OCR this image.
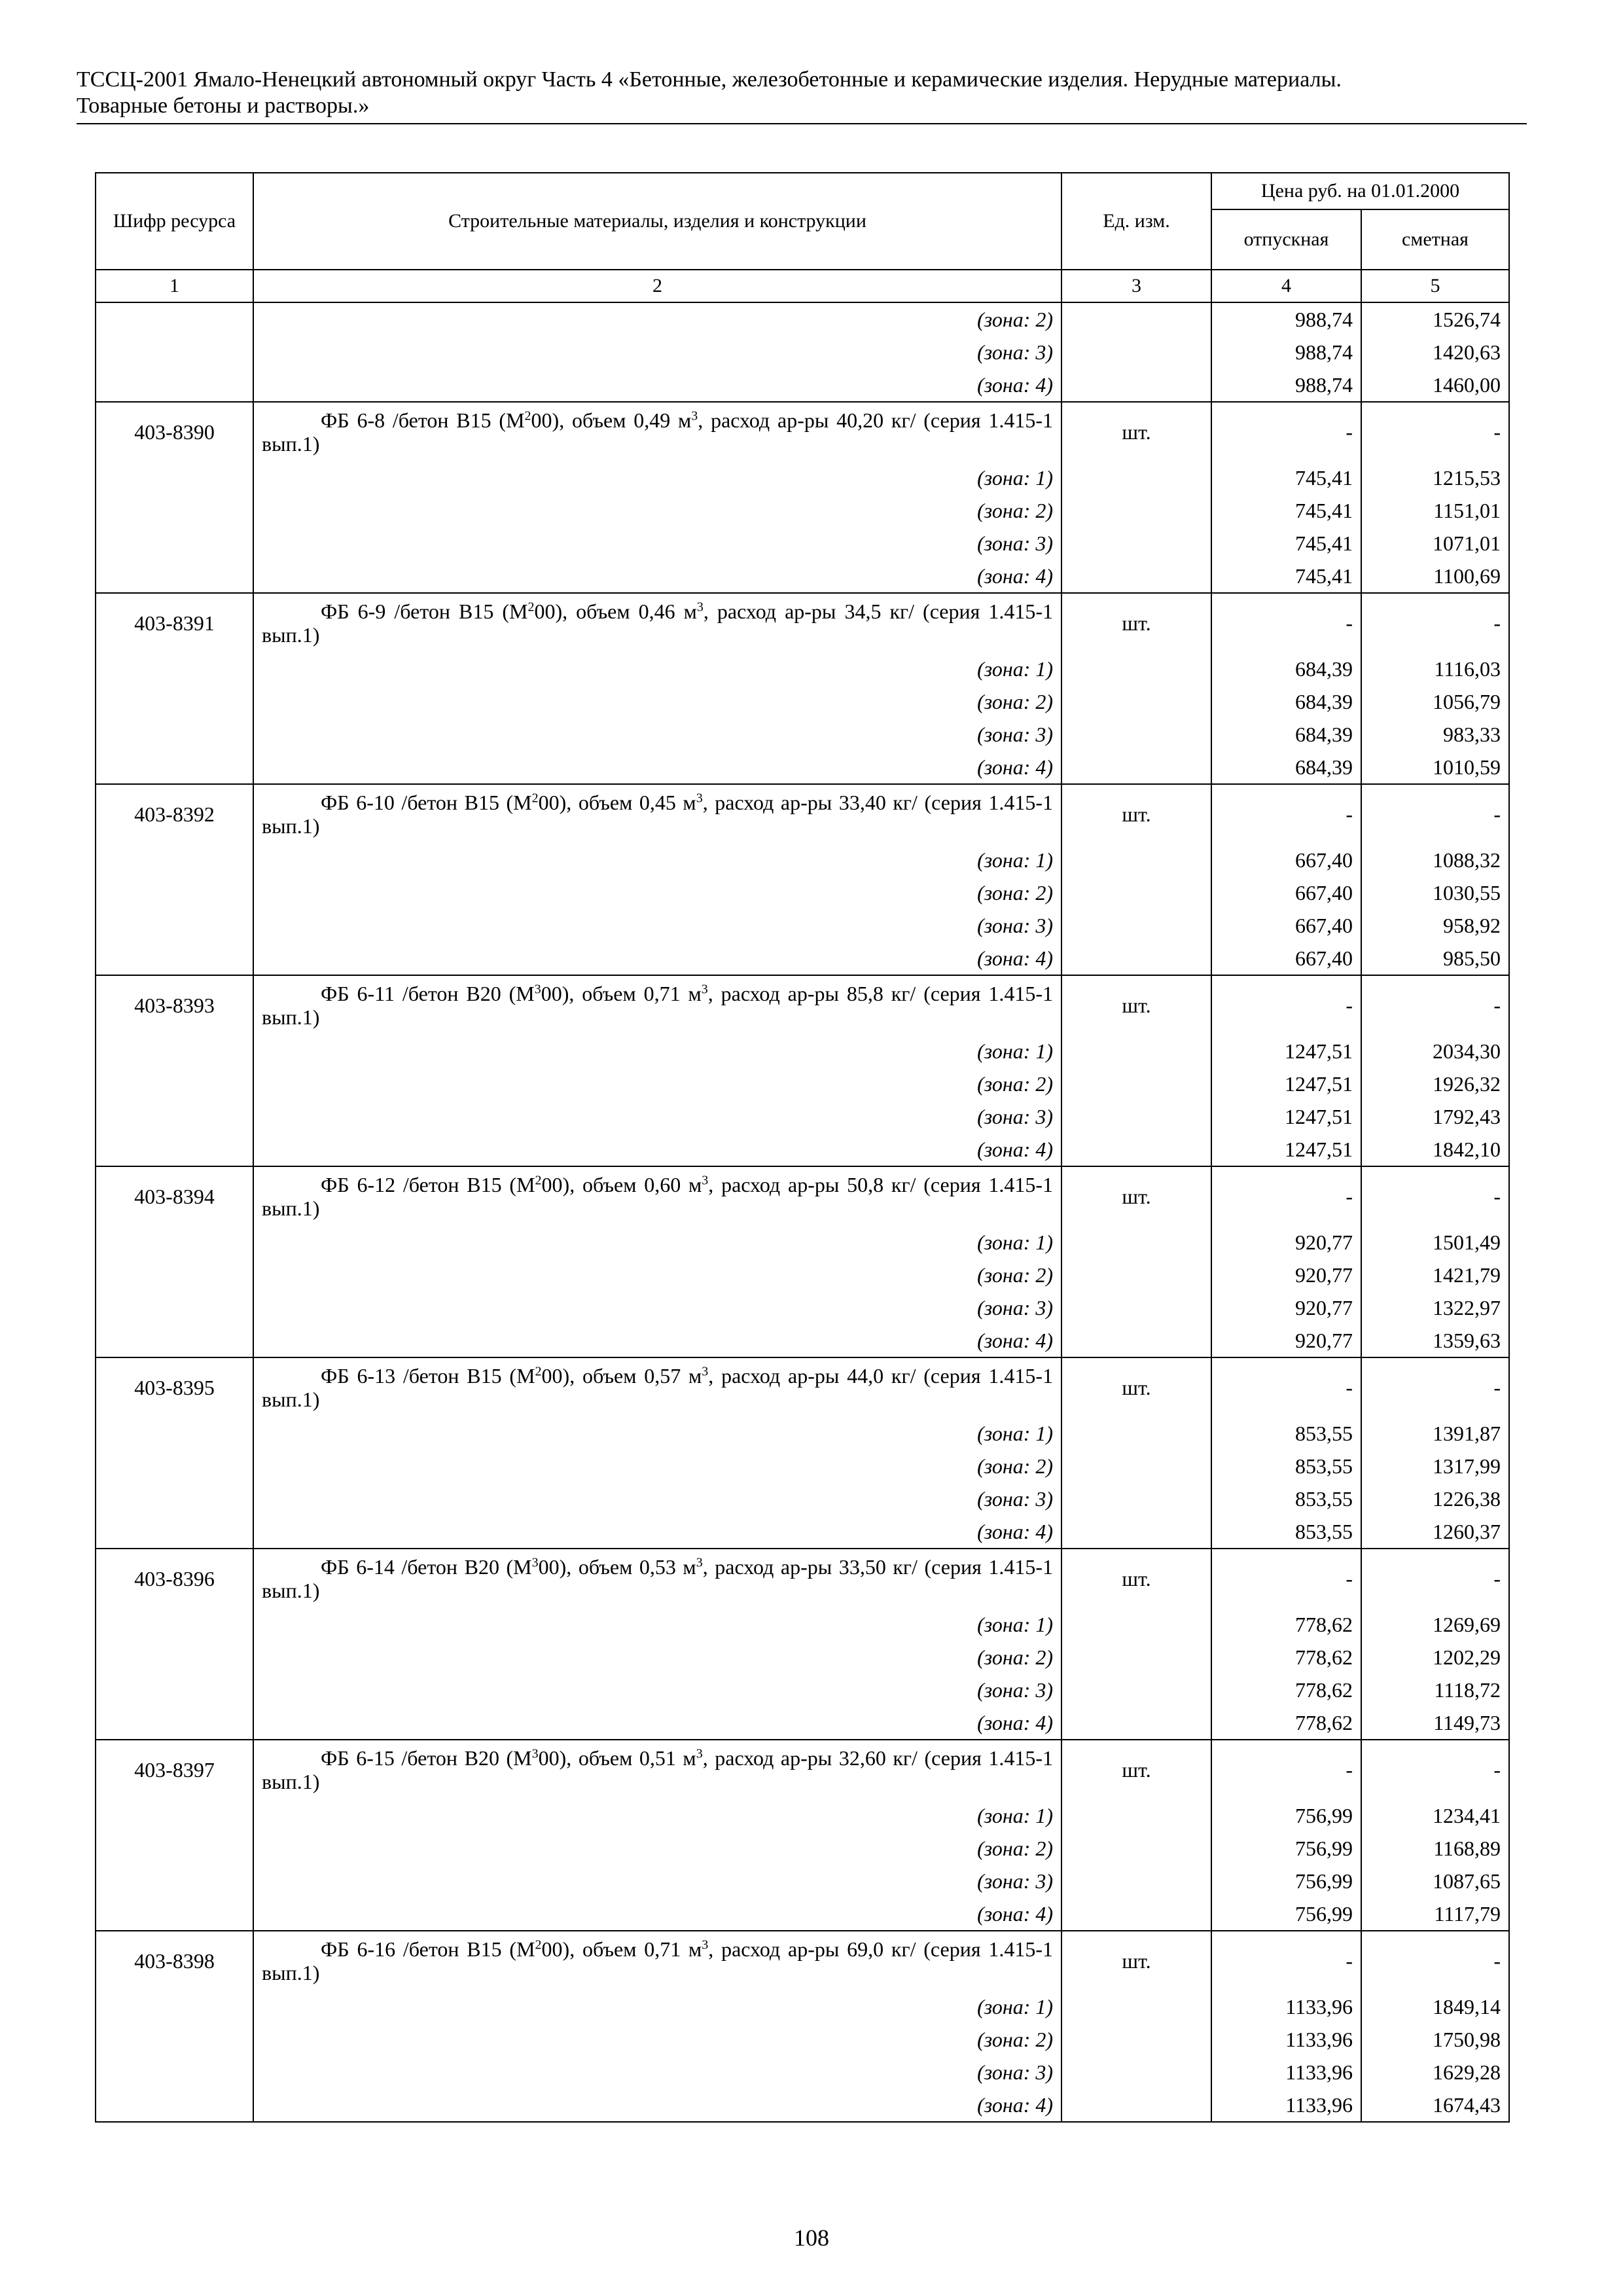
ТССЦ-2001 Ямало-Ненецкий автономный округ Часть 4 «Бетонные, железобетонные и керамические изделия. Нерудные материалы.
Товарные бетоны и растворы.»
Шифр ресурса	Строительные материалы, изделия и конструкции	Ед. изм.	Цена руб. на 01.01.2000	
			отпускная	сметная
1	2	3	4	5
	(зона: 2)		988,74	1526,74
	(зона: 3)		988,74	1420,63
	(зона: 4)		988,74	1460,00
403-8390	ФБ 6-8 /бетон В15 $(М^200)$, объем 0,49 $м^3$, расход ар-ры 40,20 кг/ (серия 1.415-1 вып.1)	шт.	-	-
	(зона: 1)		745,41	1215,53
	(зона: 2)		745,41	1151,01
	(зона: 3)		745,41	1071,01
	(зона: 4)		745,41	1100,69
403-8391	ФБ 6-9 /бетон В15 $(М^200)$, объем 0,46 $м^3$, расход ар-ры 34,5 кг/ (серия 1.415-1 вып.1)	шт.	-	-
	(зона: 1)		684,39	1116,03
	(зона: 2)		684,39	1056,79
	(зона: 3)		684,39	983,33
	(зона: 4)		684,39	1010,59
403-8392	ФБ 6-10 /бетон В15 $(М^200)$, объем 0,45 $м^3$, расход ар-ры 33,40 кг/ (серия 1.415-1 вып.1)	шт.	-	-
	(зона: 1)		667,40	1088,32
	(зона: 2)		667,40	1030,55
	(зона: 3)		667,40	958,92
	(зона: 4)		667,40	985,50
403-8393	ФБ 6-11 /бетон В20 $(М^300)$, объем 0,71 $м^3$, расход ар-ры 85,8 кг/ (серия 1.415-1 вып.1)	шт.	-	-
	(зона: 1)		1247,51	2034,30
	(зона: 2)		1247,51	1926,32
	(зона: 3)		1247,51	1792,43
	(зона: 4)		1247,51	1842,10
403-8394	ФБ 6-12 /бетон В15 $(М^200)$, объем 0,60 $м^3$, расход ар-ры 50,8 кг/ (серия 1.415-1 вып.1)	шт.	-	-
	(зона: 1)		920,77	1501,49
	(зона: 2)		920,77	1421,79
	(зона: 3)		920,77	1322,97
	(зона: 4)		920,77	1359,63
403-8395	ФБ 6-13 /бетон В15 $(М^200)$, объем 0,57 $м^3$, расход ар-ры 44,0 кг/ (серия 1.415-1 вып.1)	шт.	-	-
	(зона: 1)		853,55	1391,87
	(зона: 2)		853,55	1317,99
	(зона: 3)		853,55	1226,38
	(зона: 4)		853,55	1260,37
403-8396	ФБ 6-14 /бетон В20 $(М^300)$, объем 0,53 $м^3$, расход ар-ры 33,50 кг/ (серия 1.415-1 вып.1)	шт.	-	-
	(зона: 1)		778,62	1269,69
	(зона: 2)		778,62	1202,29
	(зона: 3)		778,62	1118,72
	(зона: 4)		778,62	1149,73
403-8397	ФБ 6-15 /бетон В20 $(М^300)$, объем 0,51 $м^3$, расход ар-ры 32,60 кг/ (серия 1.415-1 вып.1)	шт.	-	-
	(зона: 1)		756,99	1234,41
	(зона: 2)		756,99	1168,89
	(зона: 3)		756,99	1087,65
	(зона: 4)		756,99	1117,79
403-8398	ФБ 6-16 /бетон В15 $(М^200)$, объем 0,71 $м^3$, расход ар-ры 69,0 кг/ (серия 1.415-1 вып.1)	шт.	-	-
	(зона: 1)		1133,96	1849,14
	(зона: 2)		1133,96	1750,98
	(зона: 3)		1133,96	1629,28
	(зона: 4)		1133,96	1674,43
108
